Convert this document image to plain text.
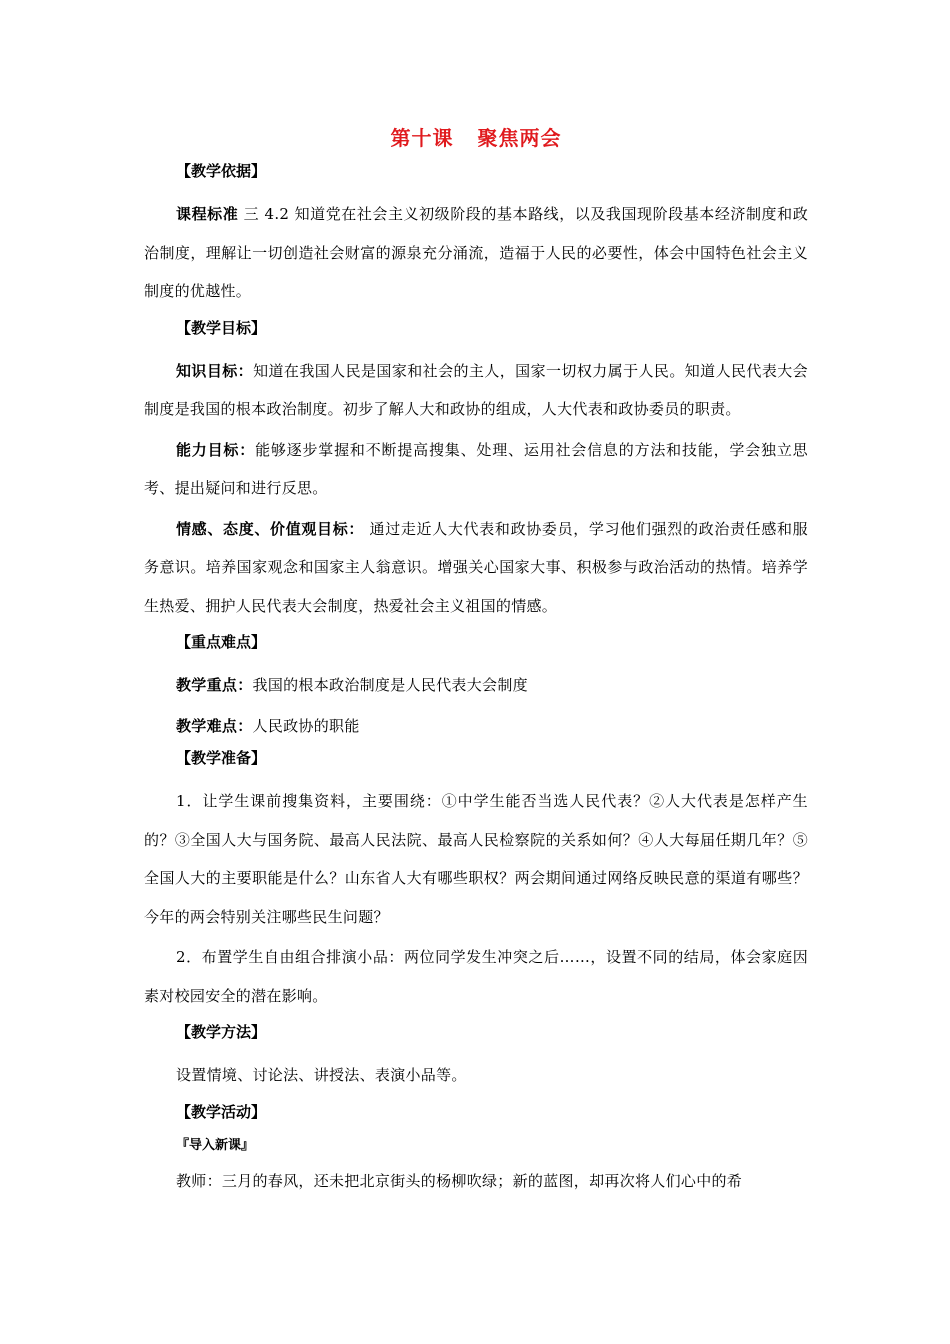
第十课 聚焦两会
【教学依据】

课程标准 三 4.2 知道党在社会主义初级阶段的基本路线，以及我国现阶段基本经济制度和政治制度，理解让一切创造社会财富的源泉充分涌流，造福于人民的必要性，体会中国特色社会主义制度的优越性。

【教学目标】

知识目标：知道在我国人民是国家和社会的主人，国家一切权力属于人民。知道人民代表大会制度是我国的根本政治制度。初步了解人大和政协的组成，人大代表和政协委员的职责。

能力目标：能够逐步掌握和不断提高搜集、处理、运用社会信息的方法和技能，学会独立思考、提出疑问和进行反思。

情感、态度、价值观目标： 通过走近人大代表和政协委员，学习他们强烈的政治责任感和服务意识。培养国家观念和国家主人翁意识。增强关心国家大事、积极参与政治活动的热情。培养学生热爱、拥护人民代表大会制度，热爱社会主义祖国的情感。

【重点难点】

教学重点：我国的根本政治制度是人民代表大会制度

教学难点：人民政协的职能

【教学准备】

1．让学生课前搜集资料，主要围绕：①中学生能否当选人民代表？②人大代表是怎样产生的？③全国人大与国务院、最高人民法院、最高人民检察院的关系如何？④人大每届任期几年？⑤全国人大的主要职能是什么？山东省人大有哪些职权？两会期间通过网络反映民意的渠道有哪些？今年的两会特别关注哪些民生问题？

2．布置学生自由组合排演小品：两位同学发生冲突之后……，设置不同的结局，体会家庭因素对校园安全的潜在影响。

【教学方法】

设置情境、讨论法、讲授法、表演小品等。

【教学活动】
『导入新课』

教师：三月的春风，还未把北京街头的杨柳吹绿；新的蓝图，却再次将人们心中的希
